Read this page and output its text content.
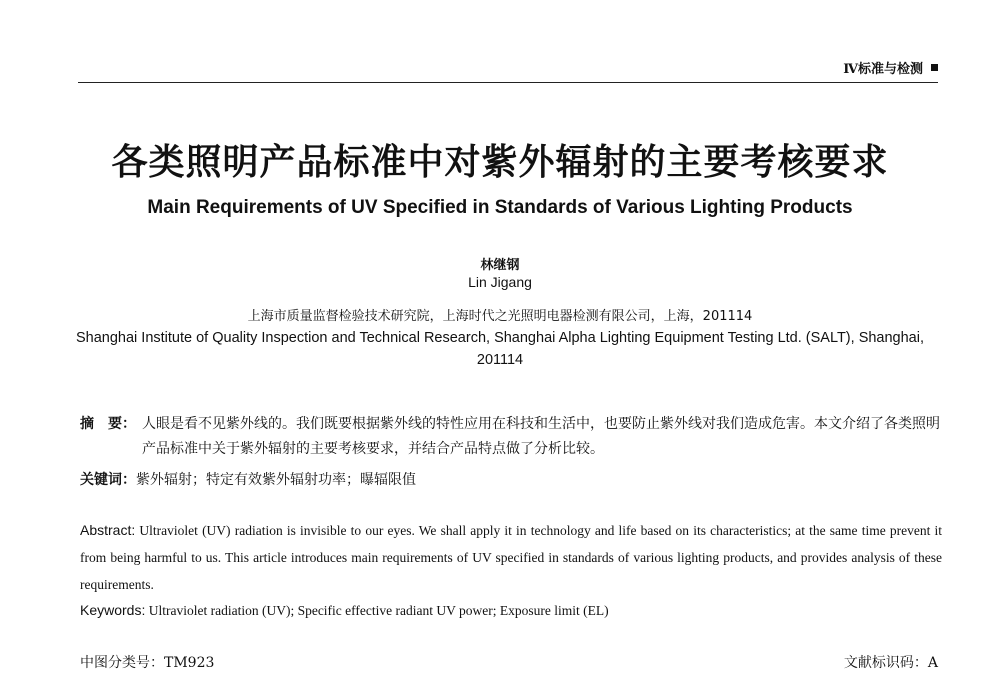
Ⅳ标准与检测
各类照明产品标准中对紫外辐射的主要考核要求
Main Requirements of UV Specified in Standards of Various Lighting Products
林继钢
Lin Jigang
上海市质量监督检验技术研究院，上海时代之光照明电器检测有限公司，上海，201114
Shanghai Institute of Quality Inspection and Technical Research, Shanghai Alpha Lighting Equipment Testing Ltd. (SALT), Shanghai, 201114
摘　要： 人眼是看不见紫外线的。我们既要根据紫外线的特性应用在科技和生活中，也要防止紫外线对我们造成危害。本文介绍了各类照明产品标准中关于紫外辐射的主要考核要求，并结合产品特点做了分析比较。
关键词：紫外辐射；特定有效紫外辐射功率；曝辐限值
Abstract: Ultraviolet (UV) radiation is invisible to our eyes. We shall apply it in technology and life based on its characteristics; at the same time prevent it from being harmful to us. This article introduces main requirements of UV specified in standards of various lighting products, and provides analysis of these requirements.
Keywords: Ultraviolet radiation (UV); Specific effective radiant UV power; Exposure limit (EL)
中图分类号：TM923	文献标识码：A
